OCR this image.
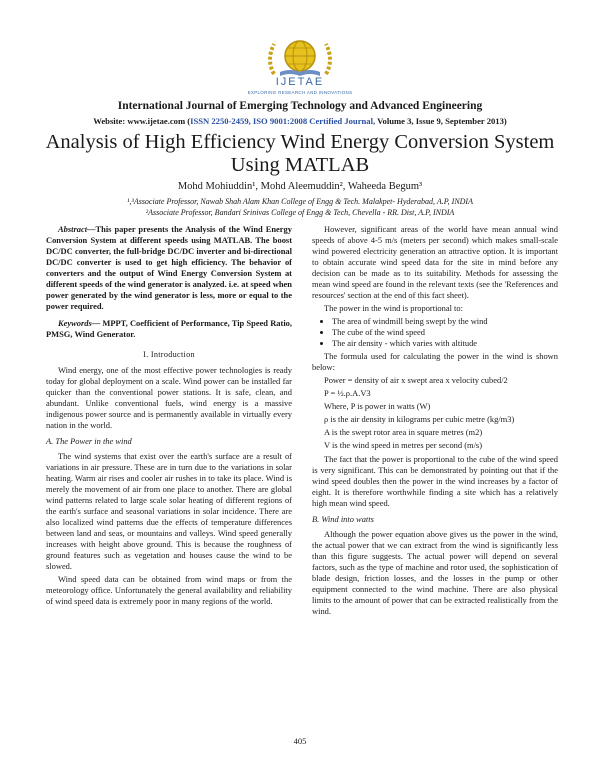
IJETAE
EXPLORING RESEARCH AND INNOVATIONS
International Journal of Emerging Technology and Advanced Engineering
Website: www.ijetae.com (ISSN 2250-2459, ISO 9001:2008 Certified Journal, Volume 3, Issue 9, September 2013)
Analysis of High Efficiency Wind Energy Conversion System Using MATLAB
Mohd Mohiuddin¹, Mohd Aleemuddin², Waheeda Begum³
¹,³Associate Professor, Nawab Shah Alam Khan College of Engg & Tech. Malakpet- Hyderabad, A.P, INDIA
²Associate Professor, Bandari Srinivas College of Engg & Tech, Chevella - RR. Dist, A.P, INDIA

Abstract—This paper presents the Analysis of the Wind Energy Conversion System at different speeds using MATLAB. The boost DC/DC converter, the full-bridge DC/DC inverter and bi-directional DC/DC converter is used to get high efficiency. The behavior of converters and the output of Wind Energy Conversion System at different speeds of the wind generator is analyzed. i.e. at speed when power generated by the wind generator is less, more or equal to the power required.

Keywords— MPPT, Coefficient of Performance, Tip Speed Ratio, PMSG, Wind Generator.

I. Introduction

Wind energy, one of the most effective power technologies is ready today for global deployment on a scale. Wind power can be installed far quicker than the conventional power stations. It is safe, clean, and abundant. Unlike conventional fuels, wind energy is a massive indigenous power source and is permanently available in virtually every nation in the world.

A. The Power in the wind

The wind systems that exist over the earth's surface are a result of variations in air pressure. These are in turn due to the variations in solar heating. Warm air rises and cooler air rushes in to take its place. Wind is merely the movement of air from one place to another. There are global wind patterns related to large scale solar heating of different regions of the earth's surface and seasonal variations in solar incidence. There are also localized wind patterns due the effects of temperature differences between land and seas, or mountains and valleys. Wind speed generally increases with height above ground. This is because the roughness of ground features such as vegetation and houses cause the wind to be slowed.

Wind speed data can be obtained from wind maps or from the meteorology office. Unfortunately the general availability and reliability of wind speed data is extremely poor in many regions of the world.

However, significant areas of the world have mean annual wind speeds of above 4-5 m/s (meters per second) which makes small-scale wind powered electricity generation an attractive option. It is important to obtain accurate wind speed data for the site in mind before any decision can be made as to its suitability. Methods for assessing the mean wind speed are found in the relevant texts (see the 'References and resources' section at the end of this fact sheet).

The power in the wind is proportional to:

• The area of windmill being swept by the wind
• The cube of the wind speed
• The air density - which varies with altitude

The formula used for calculating the power in the wind is shown below:

Power = density of air x swept area x velocity cubed/2

P = ½.ρ.A.V3

Where, P is power in watts (W)

ρ is the air density in kilograms per cubic metre (kg/m3)

A is the swept rotor area in square metres (m2)

V is the wind speed in metres per second (m/s)

The fact that the power is proportional to the cube of the wind speed is very significant. This can be demonstrated by pointing out that if the wind speed doubles then the power in the wind increases by a factor of eight. It is therefore worthwhile finding a site which has a relatively high mean wind speed.

B. Wind into watts

Although the power equation above gives us the power in the wind, the actual power that we can extract from the wind is significantly less than this figure suggests. The actual power will depend on several factors, such as the type of machine and rotor used, the sophistication of blade design, friction losses, and the losses in the pump or other equipment connected to the wind machine. There are also physical limits to the amount of power that can be extracted realistically from the wind.

405
